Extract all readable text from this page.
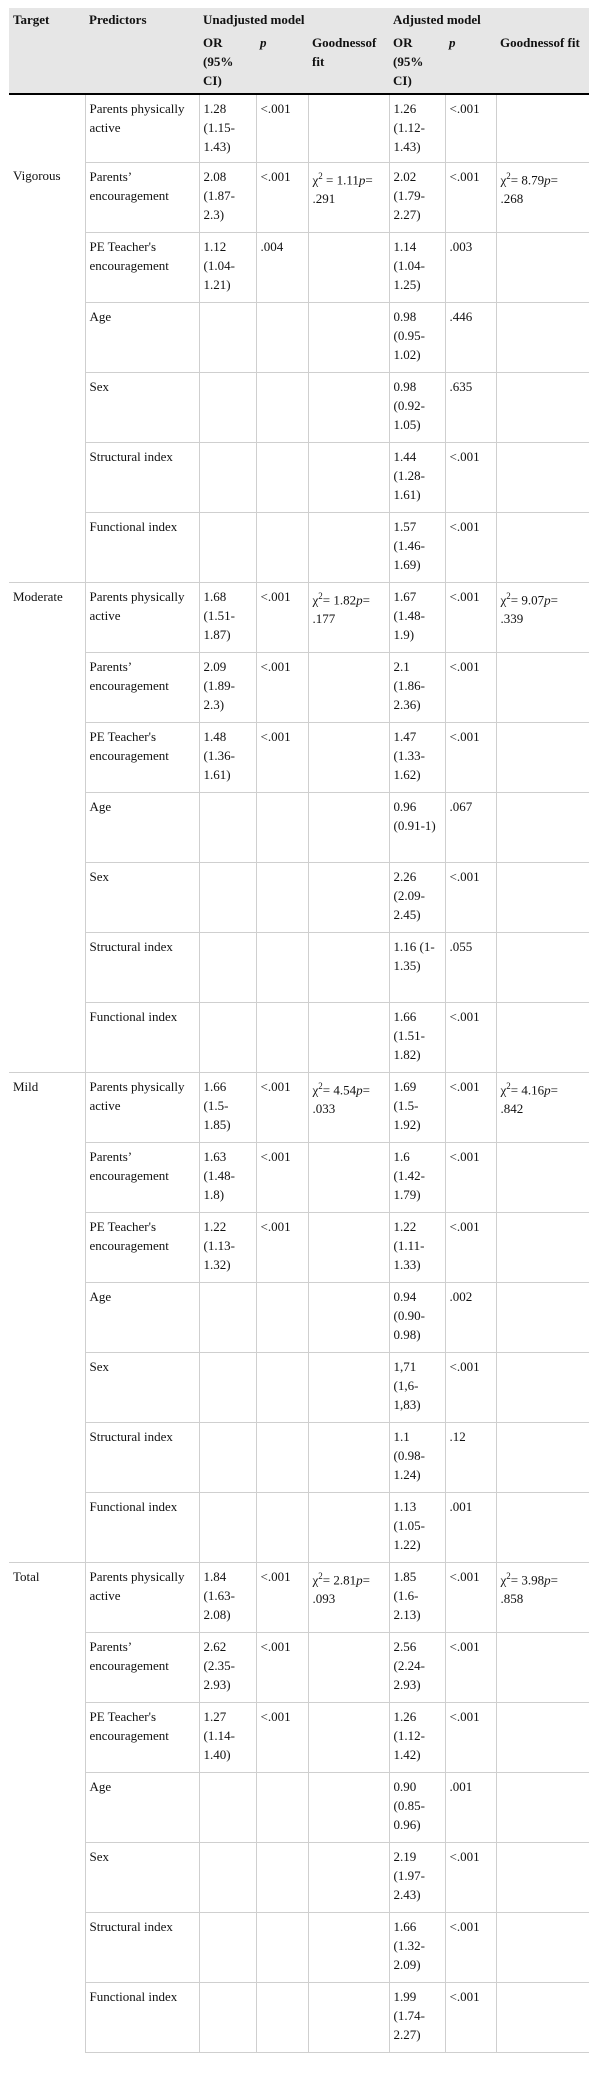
Target	Predictors	Unadjusted model			Adjusted model		
		OR (95% CI)	p	Goodnessof fit	OR (95% CI)	p	Goodnessof fit
	Parents physically active	1.28 (1.15-1.43)	<.001		1.26 (1.12-1.43)	<.001	
Vigorous	Parents’ encouragement	2.08 (1.87-2.3)	<.001	$\chi^2 = 1.11p= .291$	2.02 (1.79-2.27)	<.001	$\chi^2= 8.79p= .268$
	PE Teacher's encouragement	1.12 (1.04-1.21)	.004		1.14 (1.04-1.25)	.003	
	Age				0.98 (0.95-1.02)	.446	
	Sex				0.98 (0.92-1.05)	.635	
	Structural index				1.44 (1.28-1.61)	<.001	
	Functional index				1.57 (1.46-1.69)	<.001	
Moderate	Parents physically active	1.68 (1.51-1.87)	<.001	$\chi^2= 1.82p= .177$	1.67 (1.48-1.9)	<.001	$\chi^2= 9.07p= .339$
	Parents’ encouragement	2.09 (1.89-2.3)	<.001		2.1 (1.86-2.36)	<.001	
	PE Teacher's encouragement	1.48 (1.36-1.61)	<.001		1.47 (1.33-1.62)	<.001	
	Age				0.96 (0.91-1)	.067	
	Sex				2.26 (2.09-2.45)	<.001	
	Structural index				1.16 (1-1.35)	.055	
	Functional index				1.66 (1.51-1.82)	<.001	
Mild	Parents physically active	1.66 (1.5-1.85)	<.001	$\chi^2= 4.54p= .033$	1.69 (1.5-1.92)	<.001	$\chi^2= 4.16p= .842$
	Parents’ encouragement	1.63 (1.48-1.8)	<.001		1.6 (1.42-1.79)	<.001	
	PE Teacher's encouragement	1.22 (1.13-1.32)	<.001		1.22 (1.11-1.33)	<.001	
	Age				0.94 (0.90-0.98)	.002	
	Sex				1,71 (1,6-1,83)	<.001	
	Structural index				1.1 (0.98-1.24)	.12	
	Functional index				1.13 (1.05-1.22)	.001	
Total	Parents physically active	1.84 (1.63-2.08)	<.001	$\chi^2= 2.81p= .093$	1.85 (1.6-2.13)	<.001	$\chi^2= 3.98p= .858$
	Parents’ encouragement	2.62 (2.35-2.93)	<.001		2.56 (2.24-2.93)	<.001	
	PE Teacher's encouragement	1.27 (1.14-1.40)	<.001		1.26 (1.12-1.42)	<.001	
	Age				0.90 (0.85-0.96)	.001	
	Sex				2.19 (1.97-2.43)	<.001	
	Structural index				1.66 (1.32-2.09)	<.001	
	Functional index				1.99 (1.74-2.27)	<.001	
